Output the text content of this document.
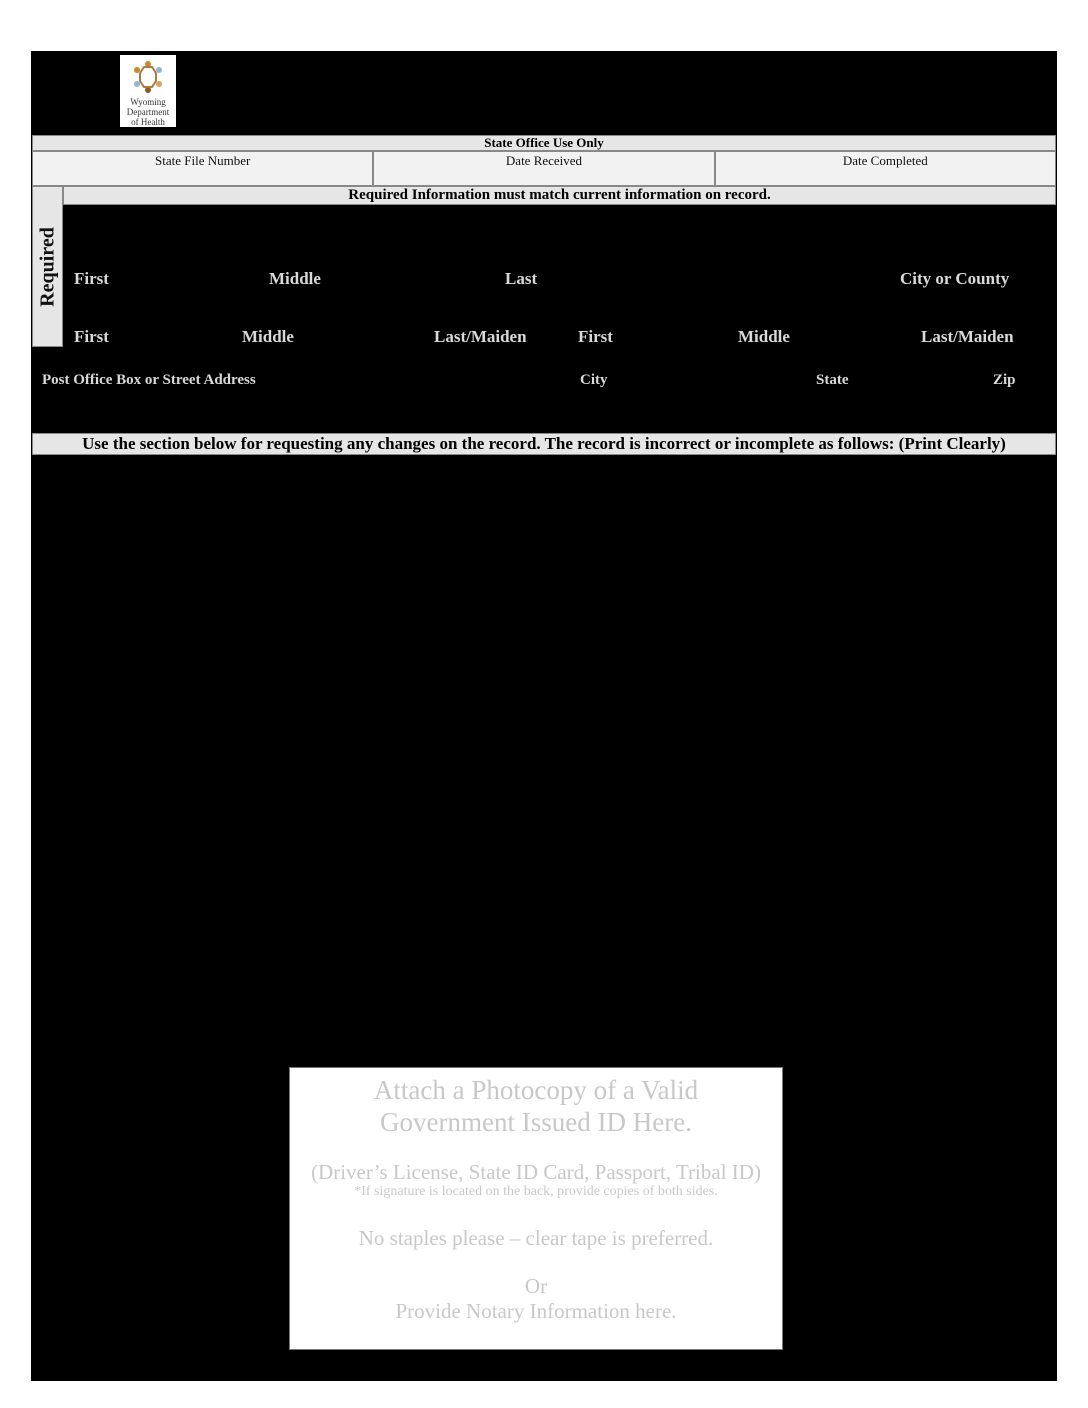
Wyoming
Department
of Health
State Office Use Only
State File Number	Date Received	Date Completed
Required
Required Information must match current information on record.
First	Middle	Last	City or County
First	Middle	Last/Maiden	First	Middle	Last/Maiden
Post Office Box or Street Address	City	State	Zip
Use the section below for requesting any changes on the record. The record is incorrect or incomplete as follows: (Print Clearly)
Attach a Photocopy of a Valid
Government Issued ID Here.
(Driver’s License, State ID Card, Passport, Tribal ID)
*If signature is located on the back, provide copies of both sides.
No staples please – clear tape is preferred.
Or
Provide Notary Information here.
